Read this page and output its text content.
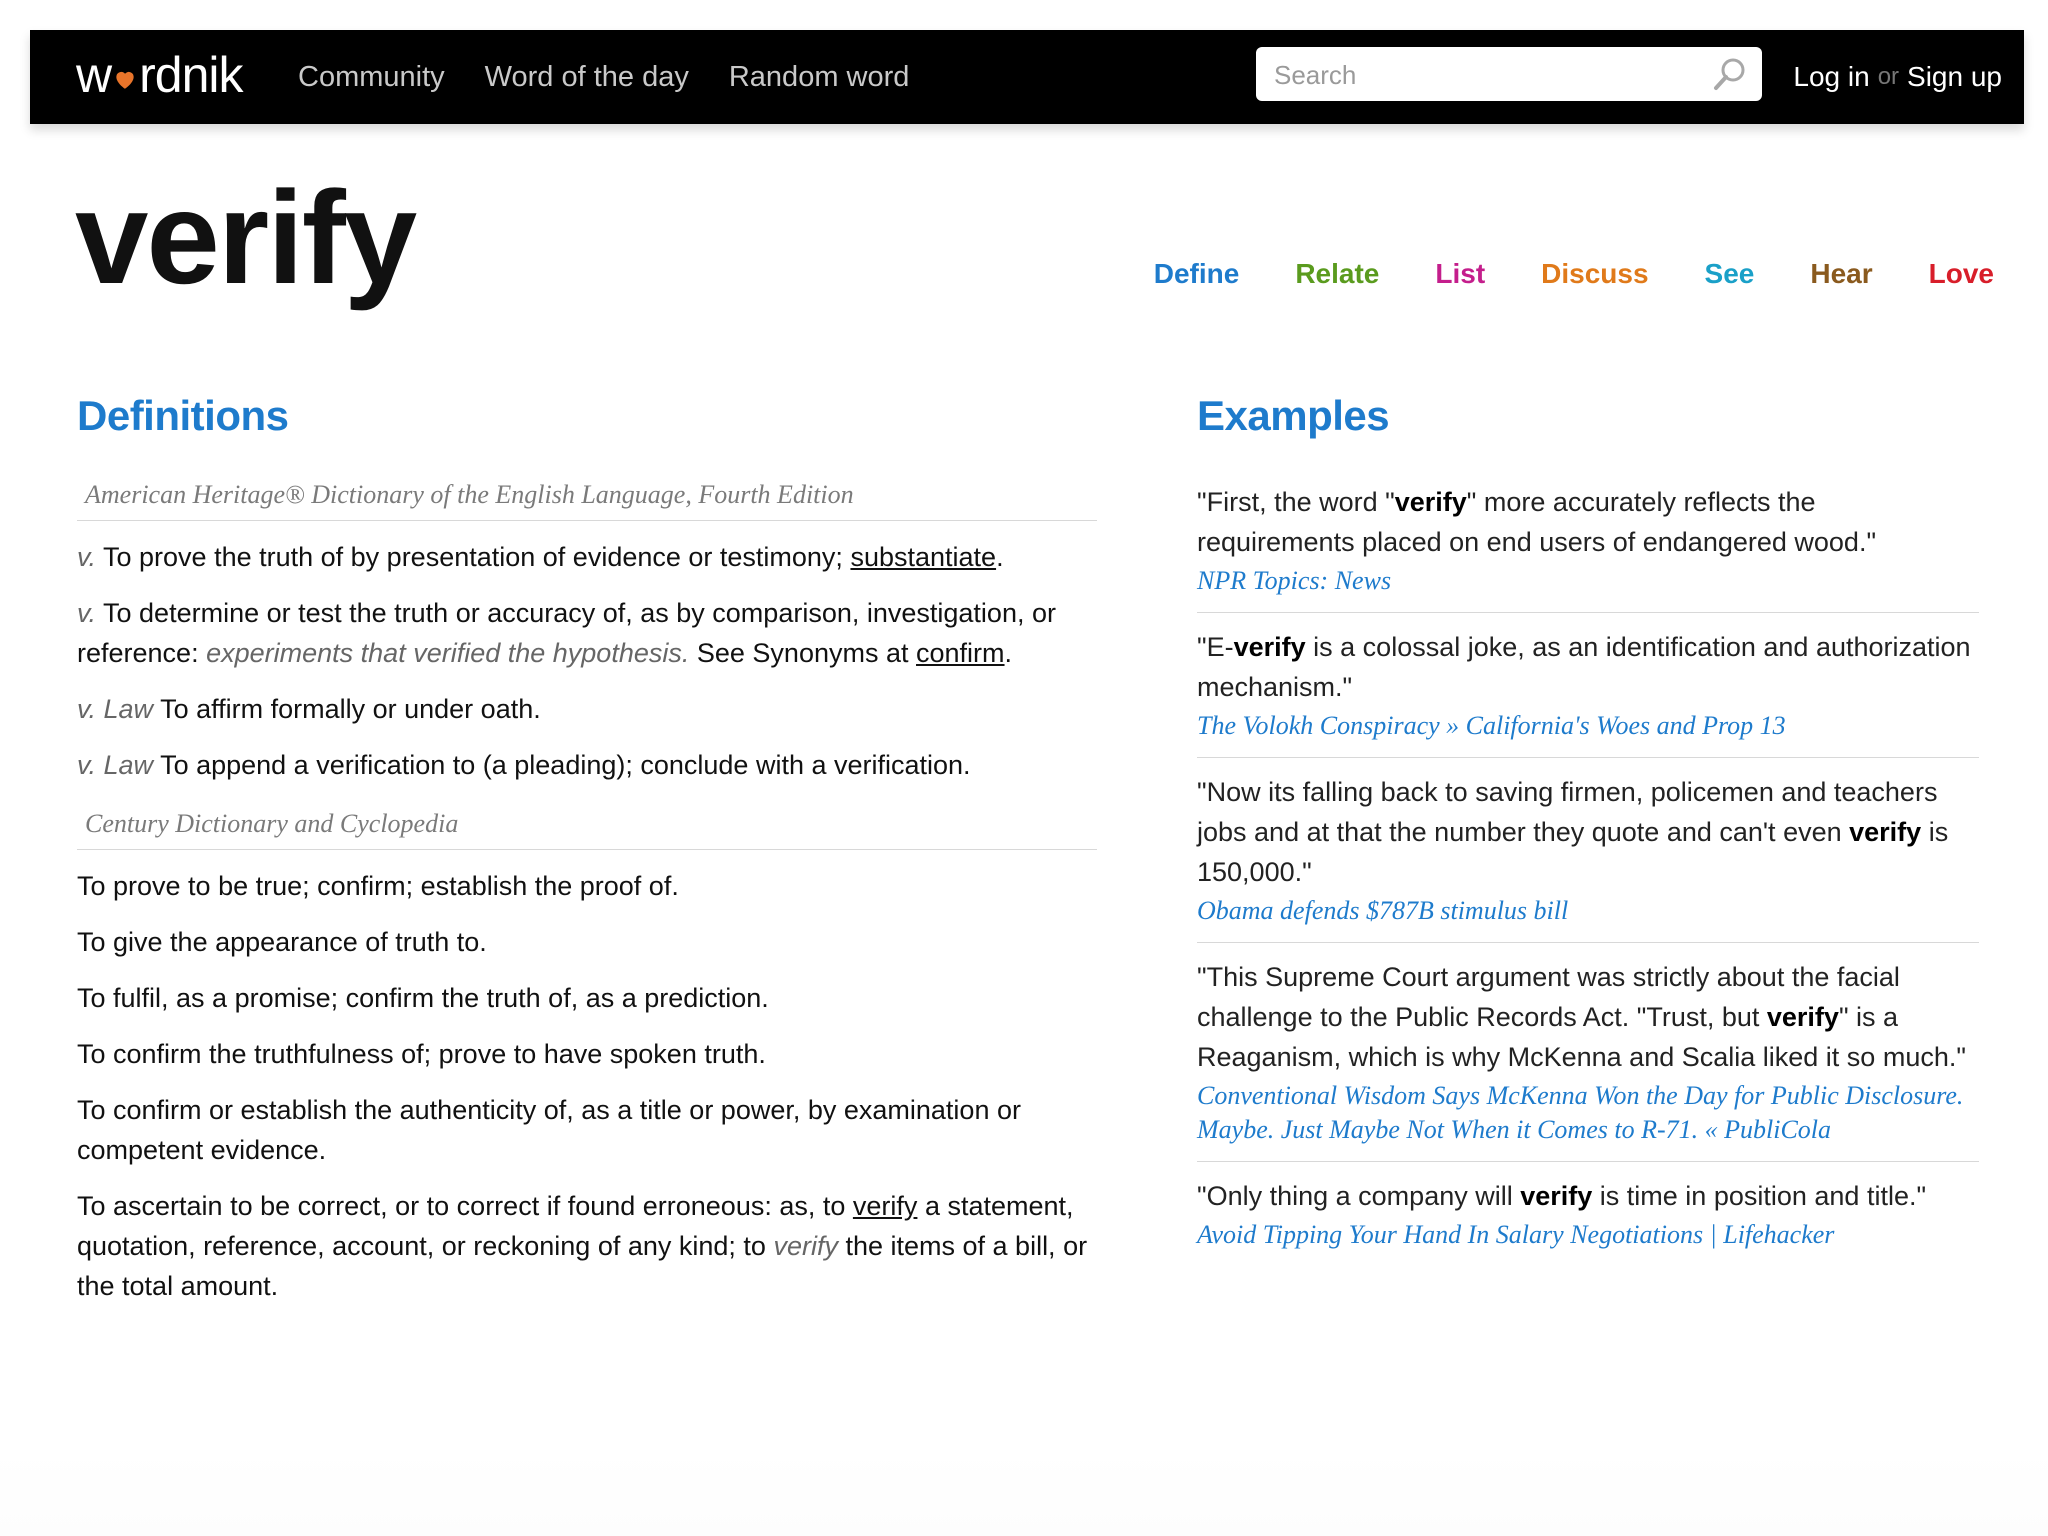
w rdnik Community Word of the day Random word
Search	Log in or Sign up
verify	Define Relate List Discuss See Hear Love
Definitions
American Heritage® Dictionary of the English Language, Fourth Edition
v. To prove the truth of by presentation of evidence or testimony; substantiate.
v. To determine or test the truth or accuracy of, as by comparison, investigation, or reference: experiments that verified the hypothesis. See Synonyms at confirm.
v. Law To affirm formally or under oath.
v. Law To append a verification to (a pleading); conclude with a verification.
Century Dictionary and Cyclopedia
To prove to be true; confirm; establish the proof of.
To give the appearance of truth to.
To fulfil, as a promise; confirm the truth of, as a prediction.
To confirm the truthfulness of; prove to have spoken truth.
To confirm or establish the authenticity of, as a title or power, by examination or competent evidence.
To ascertain to be correct, or to correct if found erroneous: as, to verify a statement, quotation, reference, account, or reckoning of any kind; to verify the items of a bill, or the total amount.
Examples
"First, the word "verify" more accurately reflects the requirements placed on end users of endangered wood."
NPR Topics: News
"E-verify is a colossal joke, as an identification and authorization mechanism."
The Volokh Conspiracy » California's Woes and Prop 13
"Now its falling back to saving firmen, policemen and teachers jobs and at that the number they quote and can't even verify is 150,000."
Obama defends $787B stimulus bill
"This Supreme Court argument was strictly about the facial challenge to the Public Records Act. "Trust, but verify" is a Reaganism, which is why McKenna and Scalia liked it so much."
Conventional Wisdom Says McKenna Won the Day for Public Disclosure. Maybe. Just Maybe Not When it Comes to R-71. « PubliCola
"Only thing a company will verify is time in position and title."
Avoid Tipping Your Hand In Salary Negotiations | Lifehacker
